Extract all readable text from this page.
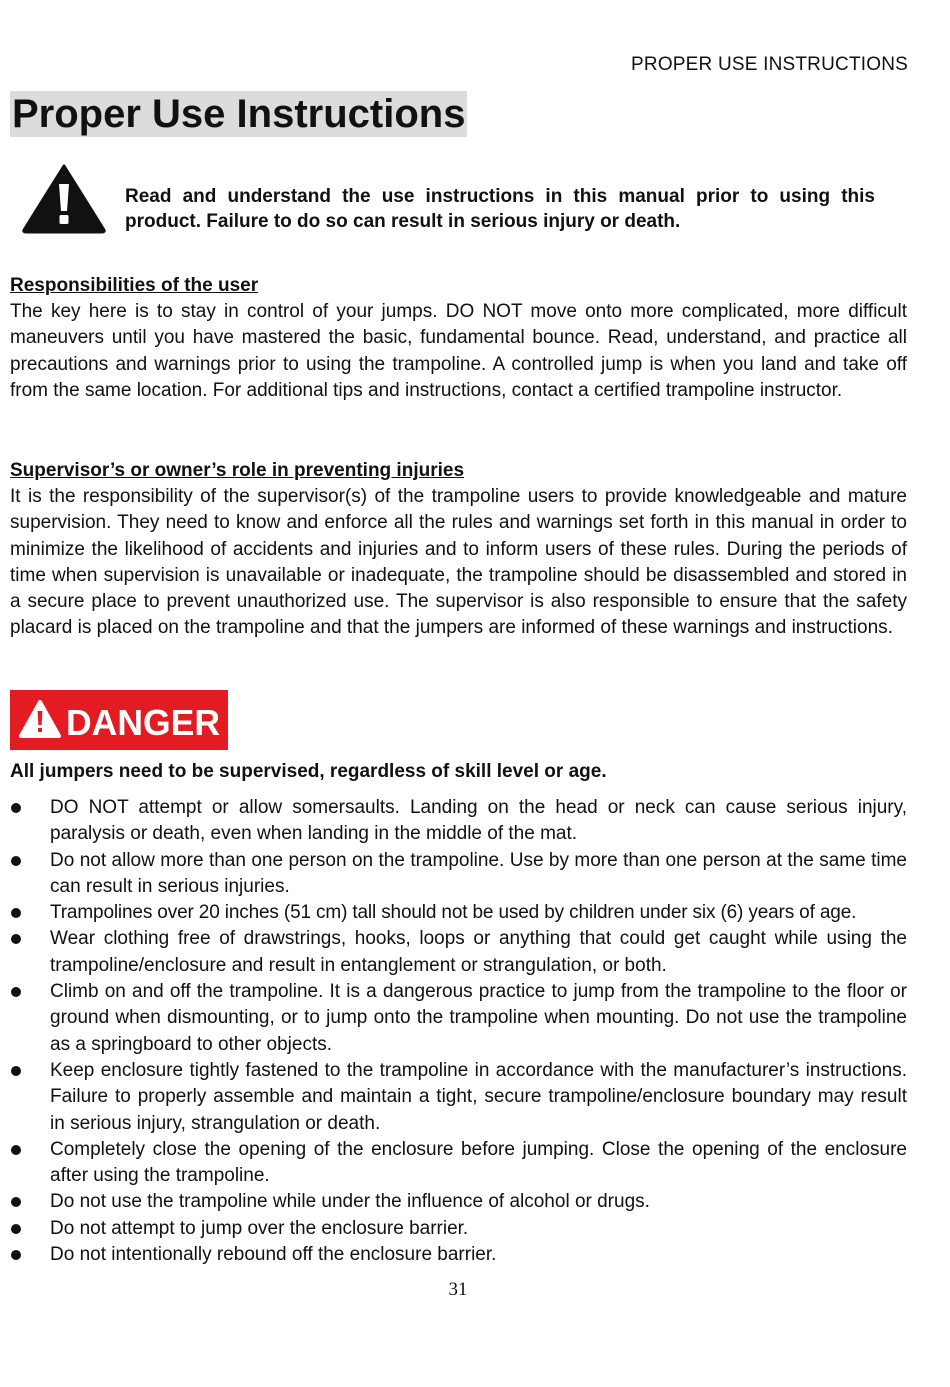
PROPER USE INSTRUCTIONS
Proper Use Instructions
Read and understand the use instructions in this manual prior to using this product. Failure to do so can result in serious injury or death.
Responsibilities of the user

The key here is to stay in control of your jumps. DO NOT move onto more complicated, more difficult maneuvers until you have mastered the basic, fundamental bounce. Read, understand, and practice all precautions and warnings prior to using the trampoline. A controlled jump is when you land and take off from the same location. For additional tips and instructions, contact a certified trampoline instructor.

Supervisor’s or owner’s role in preventing injuries

It is the responsibility of the supervisor(s) of the trampoline users to provide knowledgeable and mature supervision. They need to know and enforce all the rules and warnings set forth in this manual in order to minimize the likelihood of accidents and injuries and to inform users of these rules. During the periods of time when supervision is unavailable or inadequate, the trampoline should be disassembled and stored in a secure place to prevent unauthorized use. The supervisor is also responsible to ensure that the safety placard is placed on the trampoline and that the jumpers are informed of these warnings and instructions.

DANGER

All jumpers need to be supervised, regardless of skill level or age.

DO NOT attempt or allow somersaults. Landing on the head or neck can cause serious injury, paralysis or death, even when landing in the middle of the mat.
Do not allow more than one person on the trampoline. Use by more than one person at the same time can result in serious injuries.
Trampolines over 20 inches (51 cm) tall should not be used by children under six (6) years of age.
Wear clothing free of drawstrings, hooks, loops or anything that could get caught while using the trampoline/enclosure and result in entanglement or strangulation, or both.
Climb on and off the trampoline. It is a dangerous practice to jump from the trampoline to the floor or ground when dismounting, or to jump onto the trampoline when mounting. Do not use the trampoline as a springboard to other objects.
Keep enclosure tightly fastened to the trampoline in accordance with the manufacturer’s instructions. Failure to properly assemble and maintain a tight, secure trampoline/enclosure boundary may result in serious injury, strangulation or death.
Completely close the opening of the enclosure before jumping. Close the opening of the enclosure after using the trampoline.
Do not use the trampoline while under the influence of alcohol or drugs.
Do not attempt to jump over the enclosure barrier.
Do not intentionally rebound off the enclosure barrier.
31
